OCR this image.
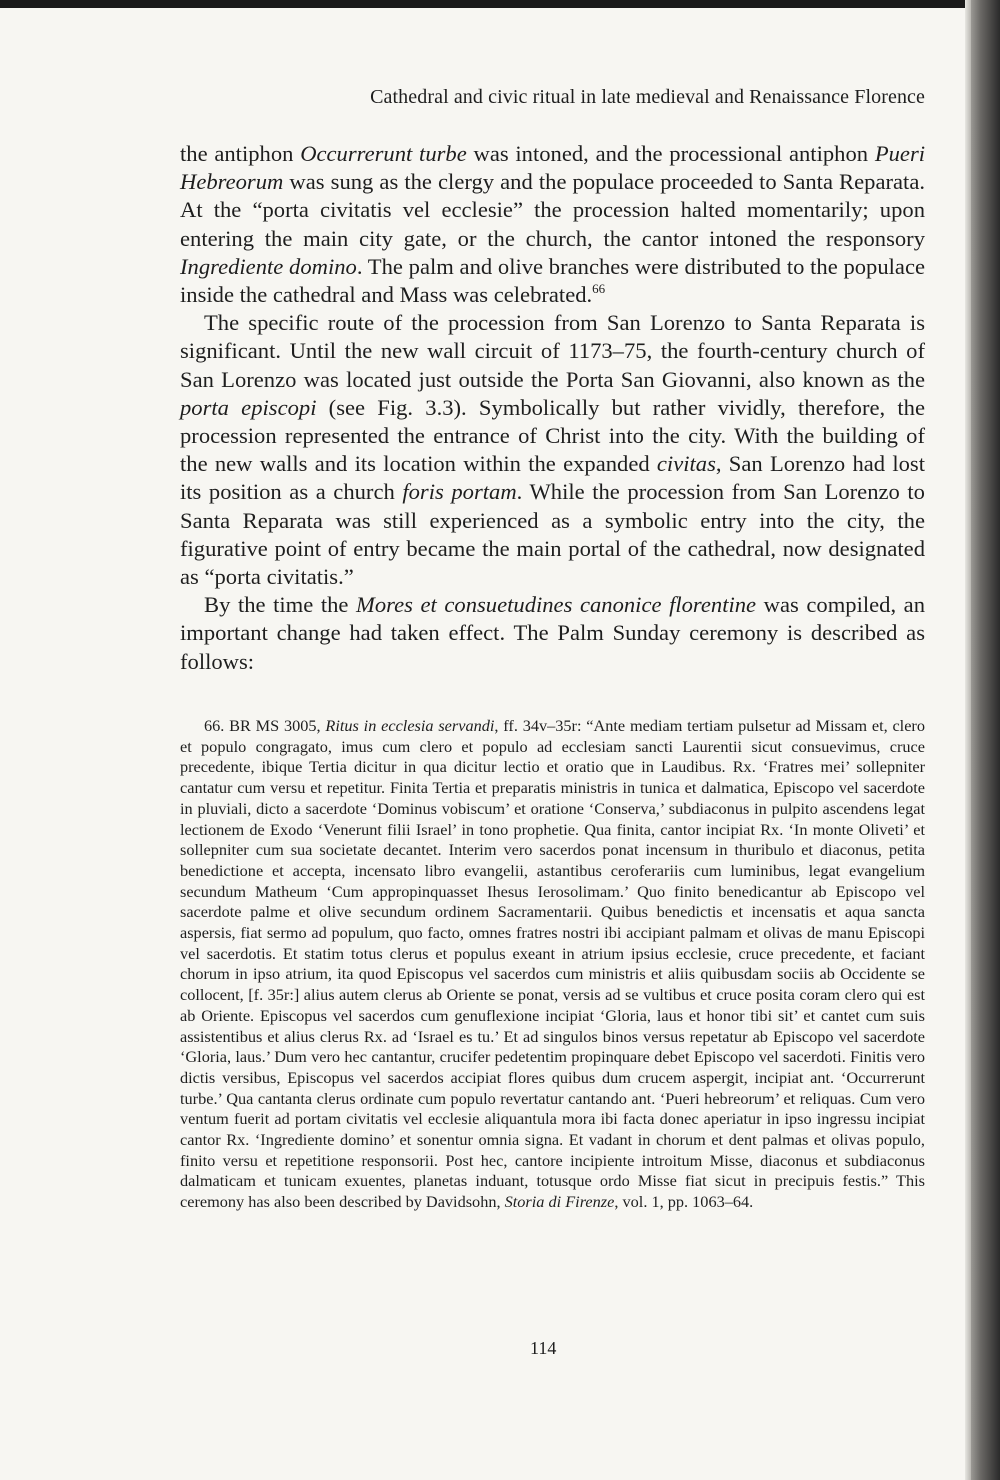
Cathedral and civic ritual in late medieval and Renaissance Florence

the antiphon Occurrerunt turbe was intoned, and the processional antiphon Pueri Hebreorum was sung as the clergy and the populace proceeded to Santa Reparata. At the “porta civitatis vel ecclesie” the procession halted momentarily; upon entering the main city gate, or the church, the cantor intoned the responsory Ingrediente domino. The palm and olive branches were distributed to the populace inside the cathedral and Mass was celebrated.$^{66}$

The specific route of the procession from San Lorenzo to Santa Reparata is significant. Until the new wall circuit of 1173–75, the fourth-century church of San Lorenzo was located just outside the Porta San Giovanni, also known as the porta episcopi (see Fig. 3.3). Symbolically but rather vividly, therefore, the procession represented the entrance of Christ into the city. With the building of the new walls and its location within the expanded civitas, San Lorenzo had lost its position as a church foris portam. While the procession from San Lorenzo to Santa Reparata was still experienced as a symbolic entry into the city, the figurative point of entry became the main portal of the cathedral, now designated as “porta civitatis.”

By the time the Mores et consuetudines canonice florentine was compiled, an important change had taken effect. The Palm Sunday ceremony is described as follows:

66. BR MS 3005, Ritus in ecclesia servandi, ff. 34v–35r: “Ante mediam tertiam pulsetur ad Missam et, clero et populo congragato, imus cum clero et populo ad ecclesiam sancti Laurentii sicut consuevimus, cruce precedente, ibique Tertia dicitur in qua dicitur lectio et oratio que in Laudibus. Rx. ‘Fratres mei’ sollepniter cantatur cum versu et repetitur. Finita Tertia et preparatis ministris in tunica et dalmatica, Episcopo vel sacerdote in pluviali, dicto a sacerdote ‘Dominus vobiscum’ et oratione ‘Conserva,’ subdiaconus in pulpito ascendens legat lectionem de Exodo ‘Venerunt filii Israel’ in tono prophetie. Qua finita, cantor incipiat Rx. ‘In monte Oliveti’ et sollepniter cum sua societate decantet. Interim vero sacerdos ponat incensum in thuribulo et diaconus, petita benedictione et accepta, incensato libro evangelii, astantibus ceroferariis cum luminibus, legat evangelium secundum Matheum ‘Cum appropinquasset Ihesus Ierosolimam.’ Quo finito benedicantur ab Episcopo vel sacerdote palme et olive secundum ordinem Sacramentarii. Quibus benedictis et incensatis et aqua sancta aspersis, fiat sermo ad populum, quo facto, omnes fratres nostri ibi accipiant palmam et olivas de manu Episcopi vel sacerdotis. Et statim totus clerus et populus exeant in atrium ipsius ecclesie, cruce precedente, et faciant chorum in ipso atrium, ita quod Episcopus vel sacerdos cum ministris et aliis quibusdam sociis ab Occidente se collocent, [f. 35r:] alius autem clerus ab Oriente se ponat, versis ad se vultibus et cruce posita coram clero qui est ab Oriente. Episcopus vel sacerdos cum genuflexione incipiat ‘Gloria, laus et honor tibi sit’ et cantet cum suis assistentibus et alius clerus Rx. ad ‘Israel es tu.’ Et ad singulos binos versus repetatur ab Episcopo vel sacerdote ‘Gloria, laus.’ Dum vero hec cantantur, crucifer pedetentim propinquare debet Episcopo vel sacerdoti. Finitis vero dictis versibus, Episcopus vel sacerdos accipiat flores quibus dum crucem aspergit, incipiat ant. ‘Occurrerunt turbe.’ Qua cantanta clerus ordinate cum populo revertatur cantando ant. ‘Pueri hebreorum’ et reliquas. Cum vero ventum fuerit ad portam civitatis vel ecclesie aliquantula mora ibi facta donec aperiatur in ipso ingressu incipiat cantor Rx. ‘Ingrediente domino’ et sonentur omnia signa. Et vadant in chorum et dent palmas et olivas populo, finito versu et repetitione responsorii. Post hec, cantore incipiente introitum Misse, diaconus et subdiaconus dalmaticam et tunicam exuentes, planetas induant, totusque ordo Misse fiat sicut in precipuis festis.” This ceremony has also been described by Davidsohn, Storia di Firenze, vol. 1, pp. 1063–64.

114
